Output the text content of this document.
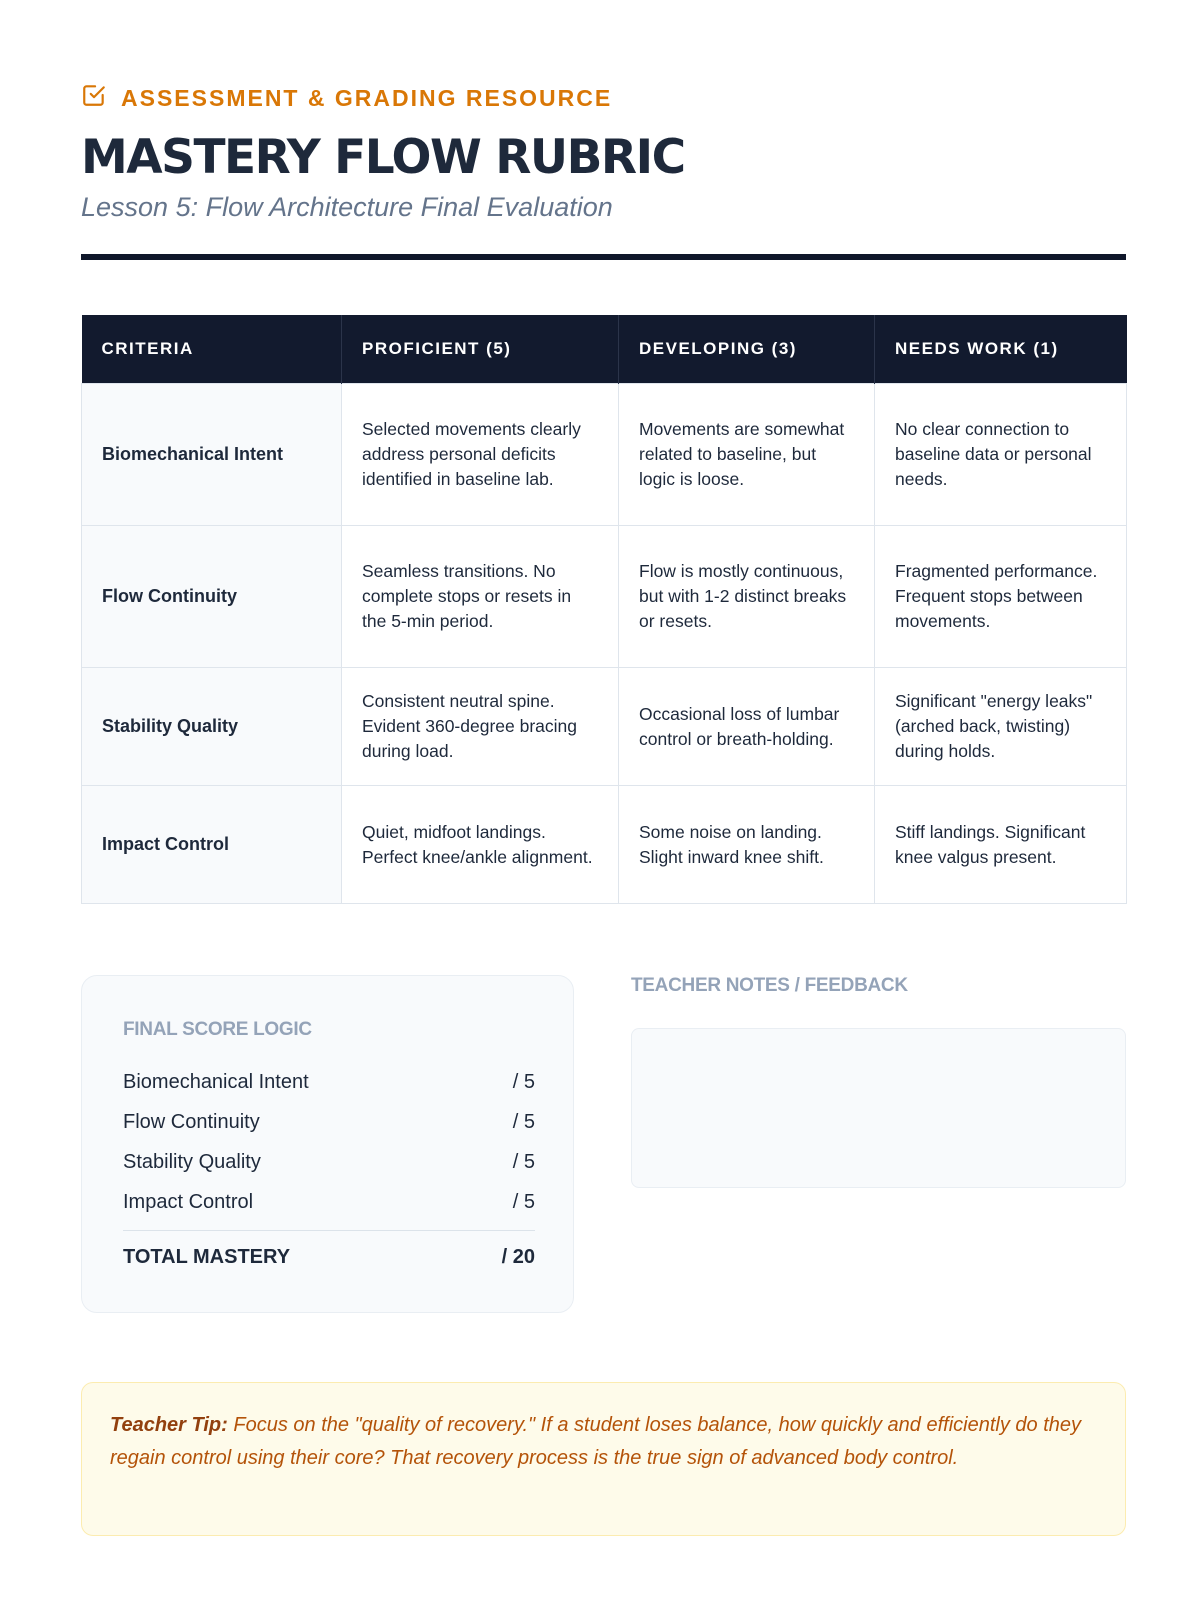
ASSESSMENT & GRADING RESOURCE
MASTERY FLOW RUBRIC
Lesson 5: Flow Architecture Final Evaluation
CRITERIA	PROFICIENT (5)	DEVELOPING (3)	NEEDS WORK (1)
Biomechanical Intent	Selected movements clearly address personal deficits identified in baseline lab.	Movements are somewhat related to baseline, but logic is loose.	No clear connection to baseline data or personal needs.
Flow Continuity	Seamless transitions. No complete stops or resets in the 5-min period.	Flow is mostly continuous, but with 1-2 distinct breaks or resets.	Fragmented performance. Frequent stops between movements.
Stability Quality	Consistent neutral spine. Evident 360-degree bracing during load.	Occasional loss of lumbar control or breath-holding.	Significant "energy leaks" (arched back, twisting) during holds.
Impact Control	Quiet, midfoot landings. Perfect knee/ankle alignment.	Some noise on landing. Slight inward knee shift.	Stiff landings. Significant knee valgus present.
FINAL SCORE LOGIC
Biomechanical Intent	/ 5
Flow Continuity	/ 5
Stability Quality	/ 5
Impact Control	/ 5
TOTAL MASTERY	/ 20
TEACHER NOTES / FEEDBACK
Teacher Tip: Focus on the "quality of recovery." If a student loses balance, how quickly and efficiently do they regain control using their core? That recovery process is the true sign of advanced body control.
